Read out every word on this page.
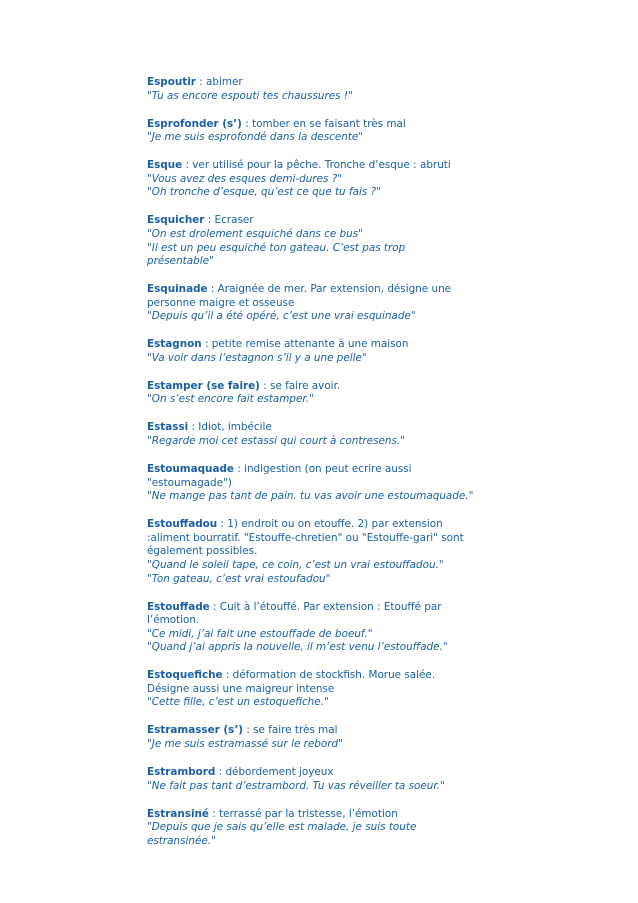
Espoutir : abimer
"Tu as encore espouti tes chaussures !"
Esprofonder (s’) : tomber en se faisant très mal
"Je me suis esprofondé dans la descente"
Esque : ver utilisé pour la pêche. Tronche d’esque : abruti
"Vous avez des esques demi-dures ?"
"Oh tronche d’esque, qu’est ce que tu fais ?"
Esquicher : Ecraser
"On est drolement esquiché dans ce bus"
"Il est un peu esquiché ton gateau. C’est pas trop
présentable"
Esquinade : Araignée de mer. Par extension, désigne une
personne maigre et osseuse
"Depuis qu’il a été opéré, c’est une vrai esquinade"
Estagnon : petite remise attenante à une maison
"Va voir dans l’estagnon s’il y a une pelle"
Estamper (se faire) : se faire avoir.
"On s’est encore fait estamper."
Estassi : Idiot, imbécile
"Regarde moi cet estassi qui court à contresens."
Estoumaquade : indigestion (on peut ecrire aussi
"estoumagade")
"Ne mange pas tant de pain. tu vas avoir une estoumaquade."
Estouffadou : 1) endroit ou on etouffe. 2) par extension
:aliment bourratif. "Estouffe-chretien" ou "Estouffe-gari" sont
également possibles.
"Quand le soleil tape, ce coin, c’est un vrai estouffadou."
"Ton gateau, c’est vrai estoufadou"
Estouffade : Cuit à l’étouffé. Par extension : Etouffé par
l’émotion.
"Ce midi, j’ai fait une estouffade de boeuf."
"Quand j’ai appris la nouvelle, il m’est venu l’estouffade."
Estoquefiche : déformation de stockfish. Morue salée.
Désigne aussi une maigreur intense
"Cette fille, c’est un estoquefiche."
Estramasser (s’) : se faire très mal
"Je me suis estramassé sur le rebord"
Estrambord : débordement joyeux
"Ne fait pas tant d’estrambord. Tu vas réveiller ta soeur."
Estransiné : terrassé par la tristesse, l’émotion
"Depuis que je sais qu’elle est malade, je suis toute
estransinée."
